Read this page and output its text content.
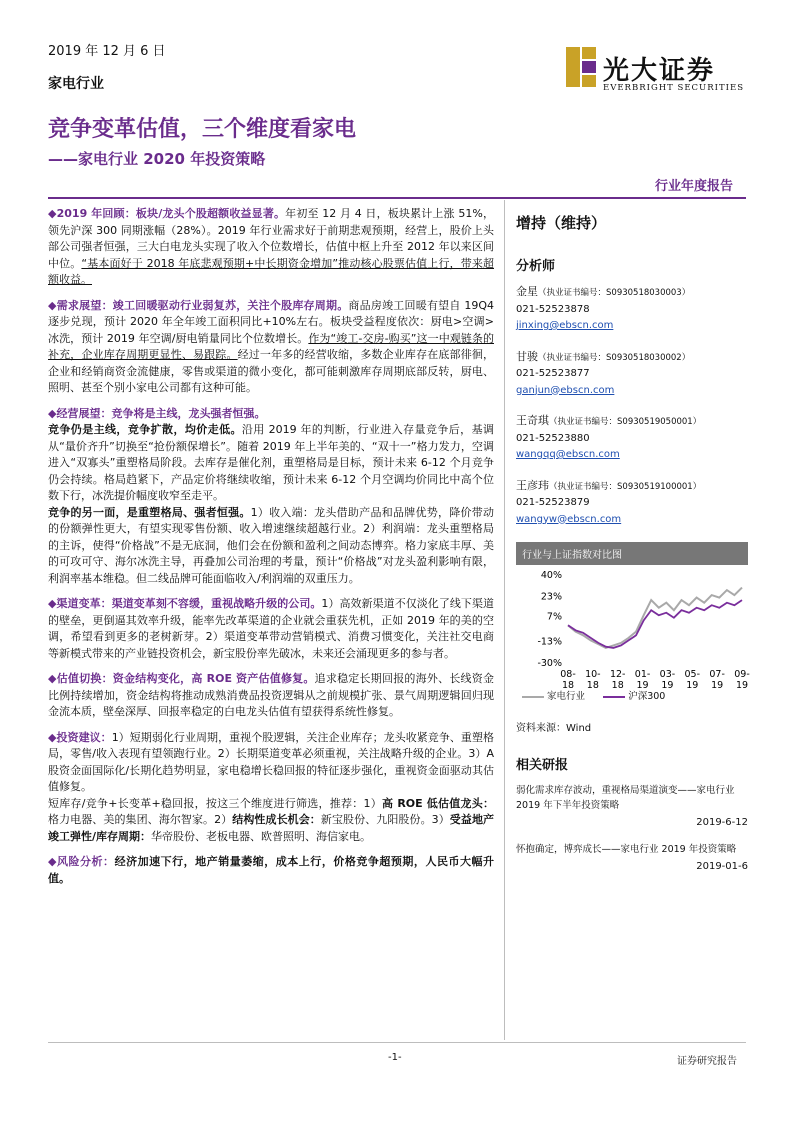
2019 年 12 月 6 日
家电行业	光大证券
EVERBRIGHT SECURITIES
竞争变革估值，三个维度看家电
——家电行业 2020 年投资策略
行业年度报告

◆2019 年回顾：板块/龙头个股超额收益显著。年初至 12 月 4 日，板块累计上涨 51%，领先沪深 300 同期涨幅（28%）。2019 年行业需求好于前期悲观预期，经营上，股价上头部公司强者恒强，三大白电龙头实现了收入个位数增长，估值中枢上升至 2012 年以来区间中位。“基本面好于 2018 年底悲观预期+中长期资金增加”推动核心股票估值上行，带来超额收益。

◆需求展望：竣工回暖驱动行业弱复苏，关注个股库存周期。商品房竣工回暖有望自 19Q4 逐步兑现，预计 2020 年全年竣工面积同比+10%左右。板块受益程度依次：厨电>空调>冰洗，预计 2019 年空调/厨电销量同比个位数增长。作为“竣工-交房-购买”这一中观链条的补充，企业库存周期更显性、易跟踪。经过一年多的经营收缩，多数企业库存在底部徘徊，企业和经销商资金流健康，零售或渠道的微小变化，都可能刺激库存周期底部反转，厨电、照明、甚至个别小家电公司都有这种可能。

◆经营展望：竞争将是主线，龙头强者恒强。
竞争仍是主线，竞争扩散，均价走低。沿用 2019 年的判断，行业进入存量竞争后，基调从“量价齐升”切换至“抢份额保增长”。随着 2019 年上半年美的、“双十一”格力发力，空调进入“双寡头”重塑格局阶段。去库存是催化剂，重塑格局是目标，预计未来 6-12 个月竞争仍会持续。格局趋紧下，产品定价将继续收缩，预计未来 6-12 个月空调均价同比中高个位数下行，冰洗提价幅度收窄至走平。
竞争的另一面，是重塑格局、强者恒强。1）收入端：龙头借助产品和品牌优势，降价带动的份额弹性更大，有望实现零售份额、收入增速继续超越行业。2）利润端：龙头重塑格局的主诉，使得“价格战”不是无底洞，他们会在份额和盈利之间动态博弈。格力家底丰厚、美的可攻可守、海尔冰洗主导，再叠加公司治理的考量，预计“价格战”对龙头盈利影响有限，利润率基本维稳。但二线品牌可能面临收入/利润端的双重压力。

◆渠道变革：渠道变革刻不容缓，重视战略升级的公司。1）高效新渠道不仅淡化了线下渠道的壁垒，更倒逼其效率升级，能率先改革渠道的企业就会重获先机，正如 2019 年的美的空调，希望看到更多的老树新芽。2）渠道变革带动营销模式、消费习惯变化，关注社交电商等新模式带来的产业链投资机会，新宝股份率先破冰，未来还会涌现更多的参与者。

◆估值切换：资金结构变化，高 ROE 资产估值修复。追求稳定长期回报的海外、长线资金比例持续增加，资金结构将推动成熟消费品投资逻辑从之前规模扩张、景气周期逻辑回归现金流本质，壁垒深厚、回报率稳定的白电龙头估值有望获得系统性修复。

◆投资建议：1）短期弱化行业周期，重视个股逻辑，关注企业库存；龙头收紧竞争、重塑格局，零售/收入表现有望领跑行业。2）长期渠道变革必须重视，关注战略升级的企业。3）A 股资金面国际化/长期化趋势明显，家电稳增长稳回报的特征逐步强化，重视资金面驱动其估值修复。
短库存/竞争+长变革+稳回报，按这三个维度进行筛选，推荐：1）高 ROE 低估值龙头：格力电器、美的集团、海尔智家。2）结构性成长机会：新宝股份、九阳股份。3）受益地产竣工弹性/库存周期：华帝股份、老板电器、欧普照明、海信家电。

◆风险分析：经济加速下行，地产销量萎缩，成本上行，价格竞争超预期，人民币大幅升值。

增持（维持）
分析师
金星（执业证书编号：S0930518030003）
021-52523878
jinxing@ebscn.com
甘骏（执业证书编号：S0930518030002）
021-52523877
ganjun@ebscn.com
王奇琪（执业证书编号：S0930519050001）
021-52523880
wangqq@ebscn.com
王彦玮（执业证书编号：S0930519100001）
021-52523879
wangyw@ebscn.com
行业与上证指数对比图
40%
23%
7%
-13%
-30%
08-
18
10-
18
12-
18
01-
19
03-
19
05-
19
07-
19
09-
19
家电行业	沪深300
资料来源：Wind
相关研报
弱化需求库存波动，重视格局渠道演变——家电行业 2019 年下半年投资策略
2019-6-12
怀抱确定，博弈成长——家电行业 2019 年投资策略
2019-01-6
-1-	证券研究报告
